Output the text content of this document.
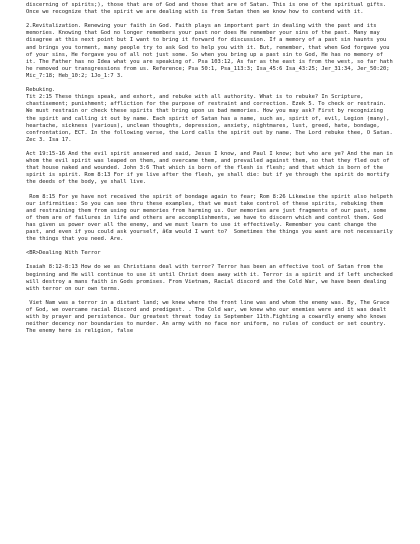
discerning of spirits;), those that are of God and those that are of Satan. This is one of the spiritual gifts. Once we recognize that the spirit we are dealing with is from Satan then we know how to contend with it.

2.Revitalization. Renewing your faith in God. Faith plays an important part in dealing with the past and its memories. Knowing that God no longer remembers your past nor does He remember your sins of the past. Many may disagree at this next point but I want to bring it forward for discussion. If a memory of a past sin haunts you and brings you torment, many people try to ask God to help you with it. But, remember, that when God forgave you of your sins, He forgave you of all not just some. So when you bring up a past sin to God, He has no memory of it. The Father has no Idea what you are speaking of. Psa 103:12, As far as the east is from the west, so far hath he removed our transgressions from us. Reference; Psa 50:1, Psa_113:3; Isa_45:6 Isa_43:25; Jer_31:34, Jer_50:20; Mic_7:18; Heb_10:2; 1Jo_1:7 3.

Rebuking.

Tit 2:15 These things speak, and exhort, and rebuke with all authority. What is to rebuke? In Scripture, chastisement; punishment; affliction for the purpose of restraint and correction. Ezek 5. To check or restrain. We must restrain or check these spirits that bring upon us bad memories. How you may ask? First by recognizing the spirit and calling it out by name. Each spirit of Satan has a name, such as, spirit of, evil, Legion (many), heartache, sickness (various), unclean thoughts, depression, anxiety, nightmares, lust, greed, hate, bondage, confrontation, ECT. In the following verse, the Lord calls the spirit out by name. The Lord rebuke thee, O Satan. Zec 3. Isa 17.

Act 19:15-16 And the evil spirit answered and said, Jesus I know, and Paul I know; but who are ye? And the man in whom the evil spirit was leaped on them, and overcame them, and prevailed against them, so that they fled out of that house naked and wounded. John 3:6 That which is born of the flesh is flesh; and that which is born of the spirit is spirit. Rom 8:13 For if ye live after the flesh, ye shall die: but if ye through the spirit do mortify the deeds of the body, ye shall live.

Rom 8:15 For ye have not received the spirit of bondage again to fear; Rom 8:26 Likewise the spirit also helpeth our infirmities: So you can see thru these examples, that we must take control of these spirits, rebuking them and restraining them from using our memories from harming us. Our memories are just fragments of our past, some of them are of failures in life and others are accomplishments, we have to discern which and control them. God has given us power over all the enemy, and we must learn to use it effectively. Remember you cant change the past, and even if you could ask yourself, â€œ would I want to?  Sometimes the things you want are not necessarily the things that you need. Are.

<BR>Dealing With Terror

Isaiah 8:12-8:13 How do we as Christians deal with terror? Terror has been an effective tool of Satan from the beginning and He will continue to use it until Christ does away with it. Terror is a spirit and if left unchecked will destroy a mans faith in Gods promises. From Vietnam, Racial discord and the Cold War, we have been dealing with terror on our own terms.

Viet Nam was a terror in a distant land; we knew where the front line was and whom the enemy was. By, The Grace of God, we overcame racial Discord and predigest. . The Cold war, we knew who our enemies were and it was dealt with by prayer and persistence. Our greatest threat today is September 11th.Fighting a cowardly enemy who knows neither decency nor boundaries to murder. An army with no face nor uniform, no rules of conduct or set country. The enemy here is religion, false
